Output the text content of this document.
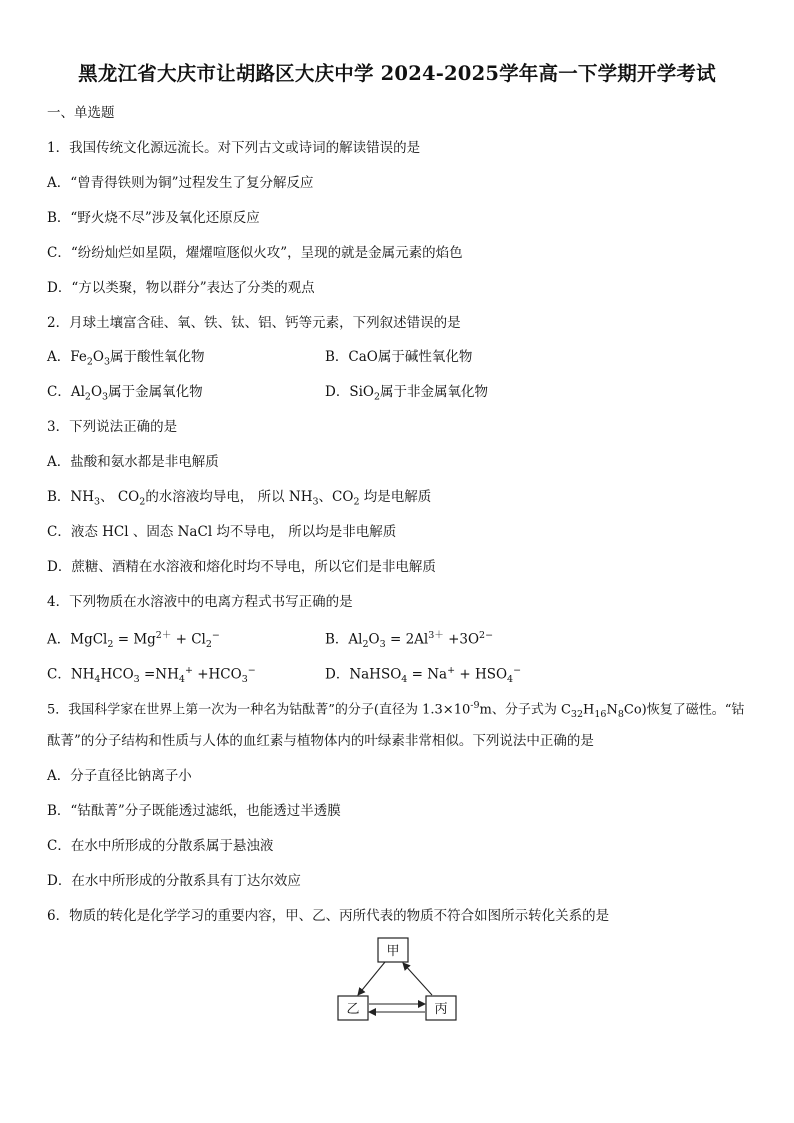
黑龙江省大庆市让胡路区大庆中学 2024-2025学年高一下学期开学考试
一、单选题
1．我国传统文化源远流长。对下列古文或诗词的解读错误的是
A．“曾青得铁则为铜”过程发生了复分解反应
B．“野火烧不尽”涉及氧化还原反应
C．“纷纷灿烂如星陨，燿燿喧豗似火攻”，呈现的就是金属元素的焰色
D．“方以类聚，物以群分”表达了分类的观点
2．月球土壤富含硅、氧、铁、钛、铝、钙等元素，下列叙述错误的是
A．$Fe_2O_3$属于酸性氧化物	B．CaO属于碱性氧化物
C．$Al_2O_3$属于金属氧化物	D．SiO$_2$属于非金属氧化物
3．下列说法正确的是
A．盐酸和氨水都是非电解质
B．$NH_3$、 $CO_2$的水溶液均导电， 所以 $NH_3$、$CO_2$ 均是电解质
C．液态 HCl 、固态 NaCl 均不导电， 所以均是非电解质
D．蔗糖、酒精在水溶液和熔化时均不导电，所以它们是非电解质
4．下列物质在水溶液中的电离方程式书写正确的是
A．MgCl$_2$ = $Mg^{2+} + Cl_2^-$	B．$Al_2O_3 = 2Al^{3+} +3O^{2-}$
C．$NH_4HCO_3 =NH_4^+ +HCO_3^-$	D．NaHSO$_4$ = $Na^+ + HSO_4^-$
5．我国科学家在世界上第一次为一种名为钴酞菁”的分子(直径为 $1.3\times 10^{-9}m$、分子式为 $C_{32}H_{16}N_8Co$)恢复了磁性。“钴
酞菁”的分子结构和性质与人体的血红素与植物体内的叶绿素非常相似。下列说法中正确的是
A．分子直径比钠离子小
B．“钴酞菁”分子既能透过滤纸，也能透过半透膜
C．在水中所形成的分散系属于悬浊液
D．在水中所形成的分散系具有丁达尔效应
6．物质的转化是化学学习的重要内容，甲、乙、丙所代表的物质不符合如图所示转化关系的是
甲
乙	丙
